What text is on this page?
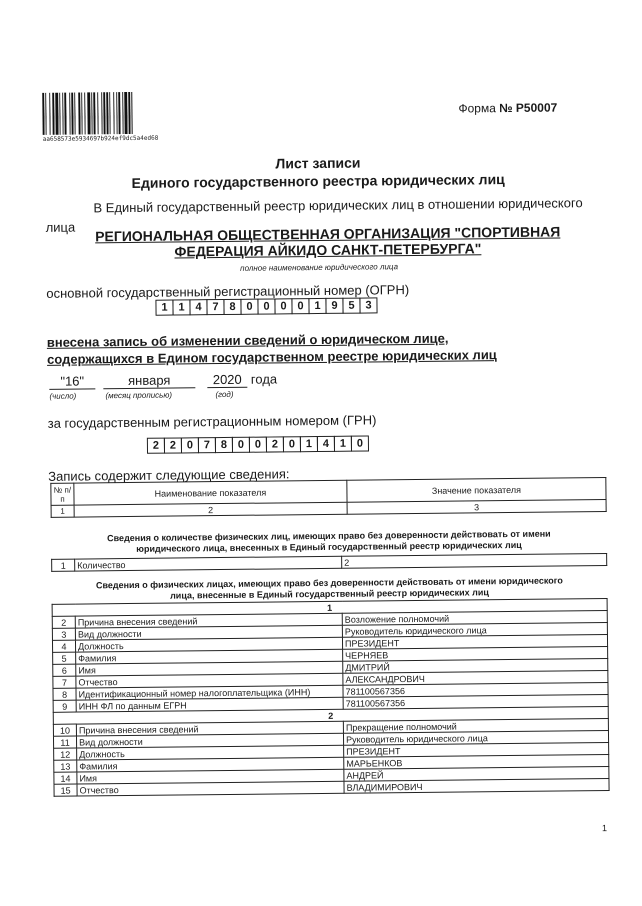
aa658573e5934697b924ef9dc5a4ed68
Форма № Р50007
Лист записи
Единого государственного реестра юридических лиц
В Единый государственный реестр юридических лиц в отношении юридического лица	РЕГИОНАЛЬНАЯ ОБЩЕСТВЕННАЯ ОРГАНИЗАЦИЯ "СПОРТИВНАЯ
ФЕДЕРАЦИЯ АЙКИДО САНКТ-ПЕТЕРБУРГА"
полное наименование юридического лица
основной государственный регистрационный номер (ОГРН)
1 1 4 7 8 0 0 0 0 1 9 5 3
внесена запись об изменении сведений о юридическом лице,
содержащихся в Едином государственном реестре юридических лиц
"16"	января	2020 года
(число)	(месяц прописью)	(год)
за государственным регистрационным номером (ГРН)
2 2 0 7 8 0 0 2 0 1 4 1 0
Запись содержит следующие сведения:
№ п/п	Наименование показателя	Значение показателя
1	2	3
Сведения о количестве физических лиц, имеющих право без доверенности действовать от имени
юридического лица, внесенных в Единый государственный реестр юридических лиц
1	Количество	2
Сведения о физических лицах, имеющих право без доверенности действовать от имени юридического
лица, внесенные в Единый государственный реестр юридических лиц
1		
2	Причина внесения сведений	Возложение полномочий
3	Вид должности	Руководитель юридического лица
4	Должность	ПРЕЗИДЕНТ
5	Фамилия	ЧЕРНЯЕВ
6	Имя	ДМИТРИЙ
7	Отчество	АЛЕКСАНДРОВИЧ
8	Идентификационный номер налогоплательщика (ИНН)	781100567356
9	ИНН ФЛ по данным ЕГРН	781100567356
2		
10	Причина внесения сведений	Прекращение полномочий
11	Вид должности	Руководитель юридического лица
12	Должность	ПРЕЗИДЕНТ
13	Фамилия	МАРЬЕНКОВ
14	Имя	АНДРЕЙ
15	Отчество	ВЛАДИМИРОВИЧ
1
